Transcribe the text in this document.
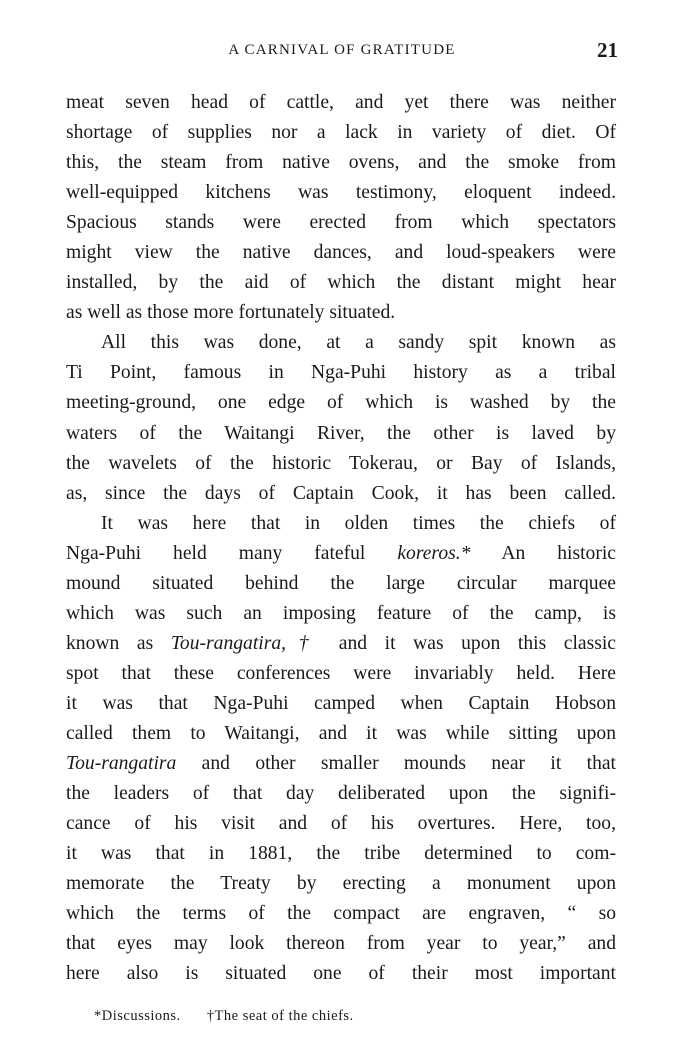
A CARNIVAL OF GRATITUDE	21
meat seven head of cattle, and yet there was neither
shortage of supplies nor a lack in variety of diet. Of
this, the steam from native ovens, and the smoke from
well-equipped kitchens was testimony, eloquent indeed.
Spacious stands were erected from which spectators
might view the native dances, and loud-speakers were
installed, by the aid of which the distant might hear
as well as those more fortunately situated.
All this was done, at a sandy spit known as
Ti Point, famous in Nga-Puhi history as a tribal
meeting-ground, one edge of which is washed by the
waters of the Waitangi River, the other is laved by
the wavelets of the historic Tokerau, or Bay of Islands,
as, since the days of Captain Cook, it has been called.
It was here that in olden times the chiefs of
Nga-Puhi held many fateful koreros.* An historic
mound situated behind the large circular marquee
which was such an imposing feature of the camp, is
known as Tou-rangatira,† and it was upon this classic
spot that these conferences were invariably held. Here
it was that Nga-Puhi camped when Captain Hobson
called them to Waitangi, and it was while sitting upon
Tou-rangatira and other smaller mounds near it that
the leaders of that day deliberated upon the signifi-
cance of his visit and of his overtures. Here, too,
it was that in 1881, the tribe determined to com-
memorate the Treaty by erecting a monument upon
which the terms of the compact are engraven, “ so
that eyes may look thereon from year to year,” and
here also is situated one of their most important
*Discussions. †The seat of the chiefs.
